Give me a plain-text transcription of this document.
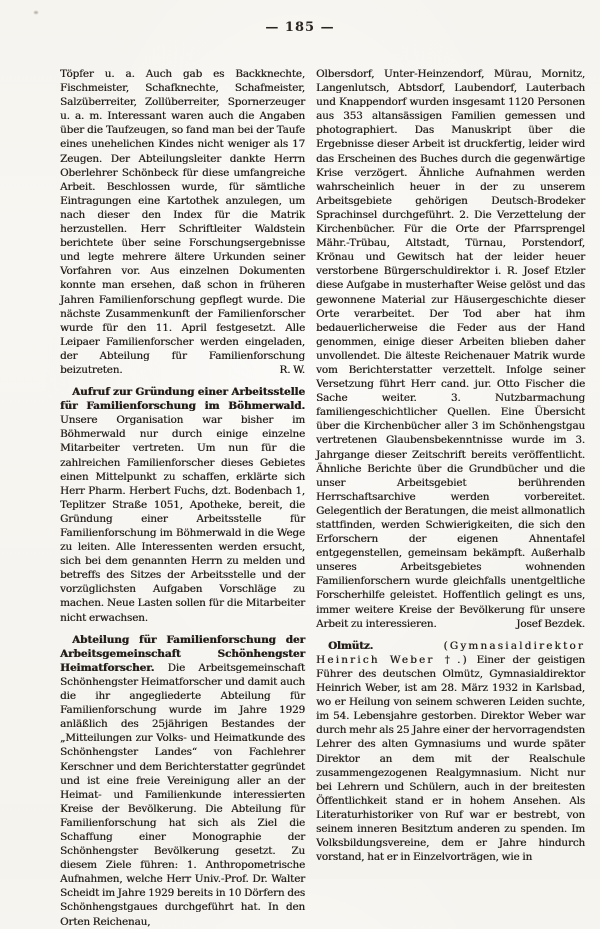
— 185 —

Töpfer u. a. Auch gab es Backknechte, Fischmeister, Schafknechte, Schafmeister, Salzüberreiter, Zollüberreiter, Spornerzeuger u. a. m. Interessant waren auch die Angaben über die Taufzeugen, so fand man bei der Taufe eines unehelichen Kindes nicht weniger als 17 Zeugen. Der Abteilungsleiter dankte Herrn Oberlehrer Schönbeck für diese umfangreiche Arbeit. Beschlossen wurde, für sämtliche Eintragungen eine Kartothek anzulegen, um nach dieser den Index für die Matrik herzustellen. Herr Schriftleiter Waldstein berichtete über seine Forschungsergebnisse und legte mehrere ältere Urkunden seiner Vorfahren vor. Aus einzelnen Dokumenten konnte man ersehen, daß schon in früheren Jahren Familienforschung gepflegt wurde. Die nächste Zusammenkunft der Familienforscher wurde für den 11. April festgesetzt. Alle Leipaer Familienforscher werden eingeladen, der Abteilung für Familienforschung beizutreten.	R. W.

Aufruf zur Gründung einer Arbeitsstelle für Familienforschung im Böhmerwald. Unsere Organisation war bisher im Böhmerwald nur durch einige einzelne Mitarbeiter vertreten. Um nun für die zahlreichen Familienforscher dieses Gebietes einen Mittelpunkt zu schaffen, erklärte sich Herr Pharm. Herbert Fuchs, dzt. Bodenbach 1, Teplitzer Straße 1051, Apotheke, bereit, die Gründung einer Arbeitsstelle für Familienforschung im Böhmerwald in die Wege zu leiten. Alle Interessenten werden ersucht, sich bei dem genannten Herrn zu melden und betreffs des Sitzes der Arbeitsstelle und der vorzüglichsten Aufgaben Vorschläge zu machen. Neue Lasten sollen für die Mitarbeiter nicht erwachsen.

Abteilung für Familienforschung der Arbeitsgemeinschaft Schönhengster Heimatforscher. Die Arbeitsgemeinschaft Schönhengster Heimatforscher und damit auch die ihr angegliederte Abteilung für Familienforschung wurde im Jahre 1929 anläßlich des 25jährigen Bestandes der „Mitteilungen zur Volks- und Heimatkunde des Schönhengster Landes“ von Fachlehrer Kerschner und dem Berichterstatter gegründet und ist eine freie Vereinigung aller an der Heimat- und Familienkunde interessierten Kreise der Bevölkerung. Die Abteilung für Familienforschung hat sich als Ziel die Schaffung einer Monographie der Schönhengster Bevölkerung gesetzt. Zu diesem Ziele führen: 1. Anthropometrische Aufnahmen, welche Herr Univ.-Prof. Dr. Walter Scheidt im Jahre 1929 bereits in 10 Dörfern des Schönhengstgaues durchgeführt hat. In den Orten Reichenau,

Olbersdorf, Unter-Heinzendorf, Mürau, Mornitz, Langenlutsch, Abtsdorf, Laubendorf, Lauterbach und Knappendorf wurden insgesamt 1120 Personen aus 353 altansässigen Familien gemessen und photographiert. Das Manuskript über die Ergebnisse dieser Arbeit ist druckfertig, leider wird das Erscheinen des Buches durch die gegenwärtige Krise verzögert. Ähnliche Aufnahmen werden wahrscheinlich heuer in der zu unserem Arbeitsgebiete gehörigen Deutsch-Brodeker Sprachinsel durchgeführt. 2. Die Verzettelung der Kirchenbücher. Für die Orte der Pfarrsprengel Mähr.-Trübau, Altstadt, Türnau, Porstendorf, Krönau und Gewitsch hat der leider heuer verstorbene Bürgerschuldirektor i. R. Josef Etzler diese Aufgabe in musterhafter Weise gelöst und das gewonnene Material zur Häusergeschichte dieser Orte verarbeitet. Der Tod aber hat ihm bedauerlicherweise die Feder aus der Hand genommen, einige dieser Arbeiten blieben daher unvollendet. Die älteste Reichenauer Matrik wurde vom Berichterstatter verzettelt. Infolge seiner Versetzung führt Herr cand. jur. Otto Fischer die Sache weiter. 3. Nutzbarmachung familiengeschichtlicher Quellen. Eine Übersicht über die Kirchenbücher aller 3 im Schönhengstgau vertretenen Glaubensbekenntnisse wurde im 3. Jahrgange dieser Zeitschrift bereits veröffentlicht. Ähnliche Berichte über die Grundbücher und die unser Arbeitsgebiet berührenden Herrschaftsarchive werden vorbereitet. Gelegentlich der Beratungen, die meist allmonatlich stattfinden, werden Schwierigkeiten, die sich den Erforschern der eigenen Ahnentafel entgegenstellen, gemeinsam bekämpft. Außerhalb unseres Arbeitsgebietes wohnenden Familienforschern wurde gleichfalls unentgeltliche Forscherhilfe geleistet. Hoffentlich gelingt es uns, immer weitere Kreise der Bevölkerung für unsere Arbeit zu interessieren.	Josef Bezdek.

Olmütz.	(Gymnasialdirektor Heinrich Weber †.) Einer der geistigen Führer des deutschen Olmütz, Gymnasialdirektor Heinrich Weber, ist am 28. März 1932 in Karlsbad, wo er Heilung von seinem schweren Leiden suchte, im 54. Lebensjahre gestorben. Direktor Weber war durch mehr als 25 Jahre einer der hervorragendsten Lehrer des alten Gymnasiums und wurde später Direktor an dem mit der Realschule zusammengezogenen Realgymnasium. Nicht nur bei Lehrern und Schülern, auch in der breitesten Öffentlichkeit stand er in hohem Ansehen. Als Literaturhistoriker von Ruf war er bestrebt, von seinem inneren Besitztum anderen zu spenden. Im Volksbildungsvereine, dem er Jahre hindurch vorstand, hat er in Einzelvorträgen, wie in
